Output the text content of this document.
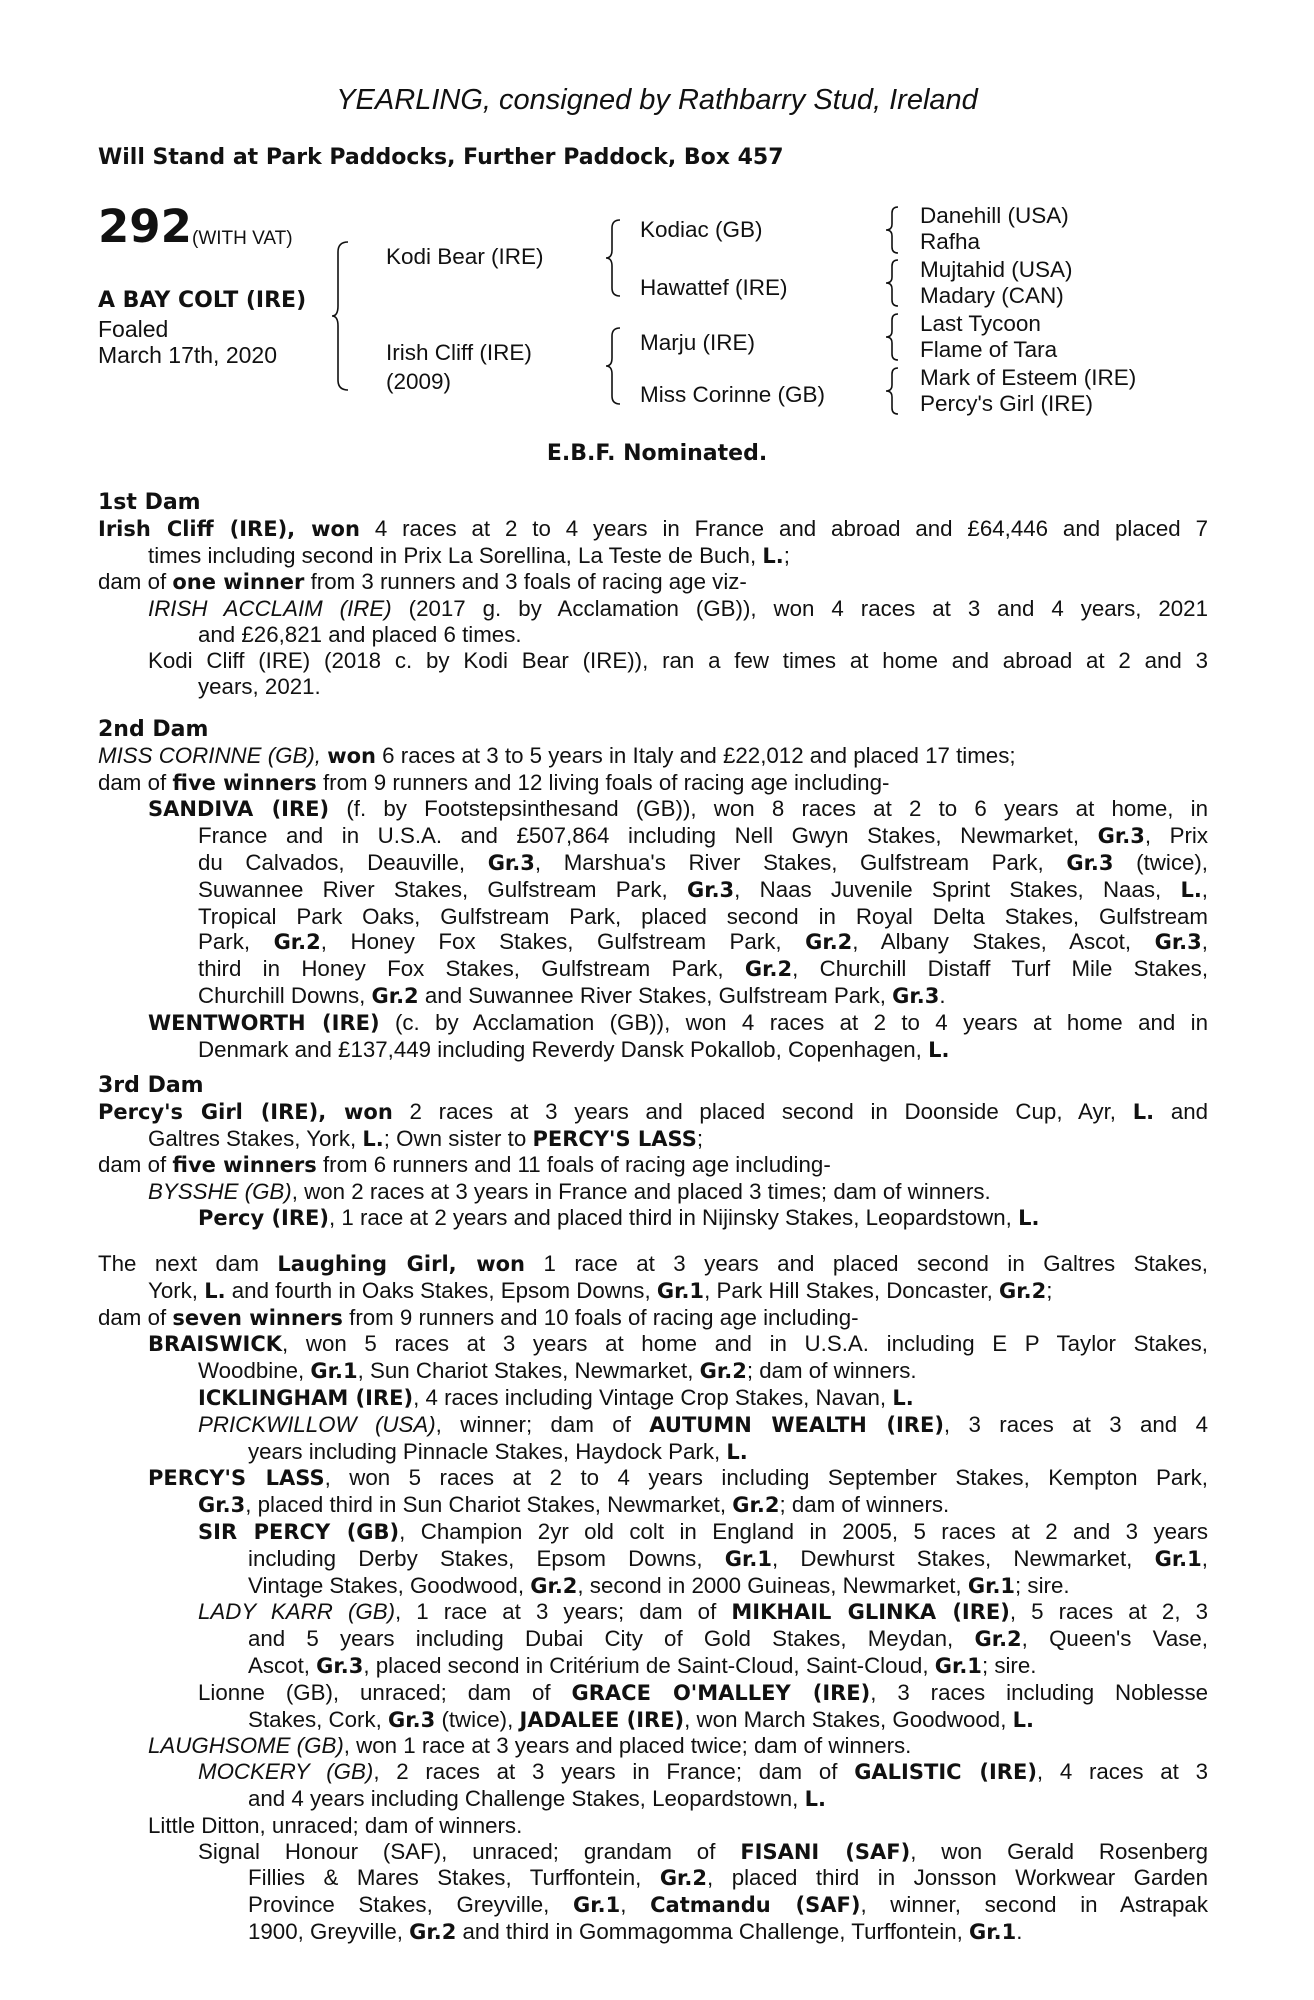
YEARLING, consigned by Rathbarry Stud, Ireland
Will Stand at Park Paddocks, Further Paddock, Box 457
292 (WITH VAT)
A BAY COLT (IRE)
Foaled
March 17th, 2020
Kodi Bear (IRE)
Irish Cliff (IRE)
(2009)
Kodiac (GB)
Hawattef (IRE)
Marju (IRE)
Miss Corinne (GB)
Danehill (USA)
Rafha
Mujtahid (USA)
Madary (CAN)
Last Tycoon
Flame of Tara
Mark of Esteem (IRE)
Percy's Girl (IRE)
E.B.F. Nominated.

1st Dam

Irish Cliff (IRE), won 4 races at 2 to 4 years in France and abroad and £64,446 and placed 7

times including second in Prix La Sorellina, La Teste de Buch, L.;

dam of one winner from 3 runners and 3 foals of racing age viz-

IRISH ACCLAIM (IRE) (2017 g. by Acclamation (GB)), won 4 races at 3 and 4 years, 2021

and £26,821 and placed 6 times.

Kodi Cliff (IRE) (2018 c. by Kodi Bear (IRE)), ran a few times at home and abroad at 2 and 3

years, 2021.

2nd Dam

MISS CORINNE (GB), won 6 races at 3 to 5 years in Italy and £22,012 and placed 17 times;

dam of five winners from 9 runners and 12 living foals of racing age including-

SANDIVA (IRE) (f. by Footstepsinthesand (GB)), won 8 races at 2 to 6 years at home, in

France and in U.S.A. and £507,864 including Nell Gwyn Stakes, Newmarket, Gr.3, Prix

du Calvados, Deauville, Gr.3, Marshua's River Stakes, Gulfstream Park, Gr.3 (twice),

Suwannee River Stakes, Gulfstream Park, Gr.3, Naas Juvenile Sprint Stakes, Naas, L.,

Tropical Park Oaks, Gulfstream Park, placed second in Royal Delta Stakes, Gulfstream

Park, Gr.2, Honey Fox Stakes, Gulfstream Park, Gr.2, Albany Stakes, Ascot, Gr.3,

third in Honey Fox Stakes, Gulfstream Park, Gr.2, Churchill Distaff Turf Mile Stakes,

Churchill Downs, Gr.2 and Suwannee River Stakes, Gulfstream Park, Gr.3.

WENTWORTH (IRE) (c. by Acclamation (GB)), won 4 races at 2 to 4 years at home and in

Denmark and £137,449 including Reverdy Dansk Pokallob, Copenhagen, L.

3rd Dam

Percy's Girl (IRE), won 2 races at 3 years and placed second in Doonside Cup, Ayr, L. and

Galtres Stakes, York, L.; Own sister to PERCY'S LASS;

dam of five winners from 6 runners and 11 foals of racing age including-

BYSSHE (GB), won 2 races at 3 years in France and placed 3 times; dam of winners.

Percy (IRE), 1 race at 2 years and placed third in Nijinsky Stakes, Leopardstown, L.

The next dam Laughing Girl, won 1 race at 3 years and placed second in Galtres Stakes,

York, L. and fourth in Oaks Stakes, Epsom Downs, Gr.1, Park Hill Stakes, Doncaster, Gr.2;

dam of seven winners from 9 runners and 10 foals of racing age including-

BRAISWICK, won 5 races at 3 years at home and in U.S.A. including E P Taylor Stakes,

Woodbine, Gr.1, Sun Chariot Stakes, Newmarket, Gr.2; dam of winners.

ICKLINGHAM (IRE), 4 races including Vintage Crop Stakes, Navan, L.

PRICKWILLOW (USA), winner; dam of AUTUMN WEALTH (IRE), 3 races at 3 and 4

years including Pinnacle Stakes, Haydock Park, L.

PERCY'S LASS, won 5 races at 2 to 4 years including September Stakes, Kempton Park,

Gr.3, placed third in Sun Chariot Stakes, Newmarket, Gr.2; dam of winners.

SIR PERCY (GB), Champion 2yr old colt in England in 2005, 5 races at 2 and 3 years

including Derby Stakes, Epsom Downs, Gr.1, Dewhurst Stakes, Newmarket, Gr.1,

Vintage Stakes, Goodwood, Gr.2, second in 2000 Guineas, Newmarket, Gr.1; sire.

LADY KARR (GB), 1 race at 3 years; dam of MIKHAIL GLINKA (IRE), 5 races at 2, 3

and 5 years including Dubai City of Gold Stakes, Meydan, Gr.2, Queen's Vase,

Ascot, Gr.3, placed second in Critérium de Saint-Cloud, Saint-Cloud, Gr.1; sire.

Lionne (GB), unraced; dam of GRACE O'MALLEY (IRE), 3 races including Noblesse

Stakes, Cork, Gr.3 (twice), JADALEE (IRE), won March Stakes, Goodwood, L.

LAUGHSOME (GB), won 1 race at 3 years and placed twice; dam of winners.

MOCKERY (GB), 2 races at 3 years in France; dam of GALISTIC (IRE), 4 races at 3

and 4 years including Challenge Stakes, Leopardstown, L.

Little Ditton, unraced; dam of winners.

Signal Honour (SAF), unraced; grandam of FISANI (SAF), won Gerald Rosenberg

Fillies & Mares Stakes, Turffontein, Gr.2, placed third in Jonsson Workwear Garden

Province Stakes, Greyville, Gr.1, Catmandu (SAF), winner, second in Astrapak

1900, Greyville, Gr.2 and third in Gommagomma Challenge, Turffontein, Gr.1.
